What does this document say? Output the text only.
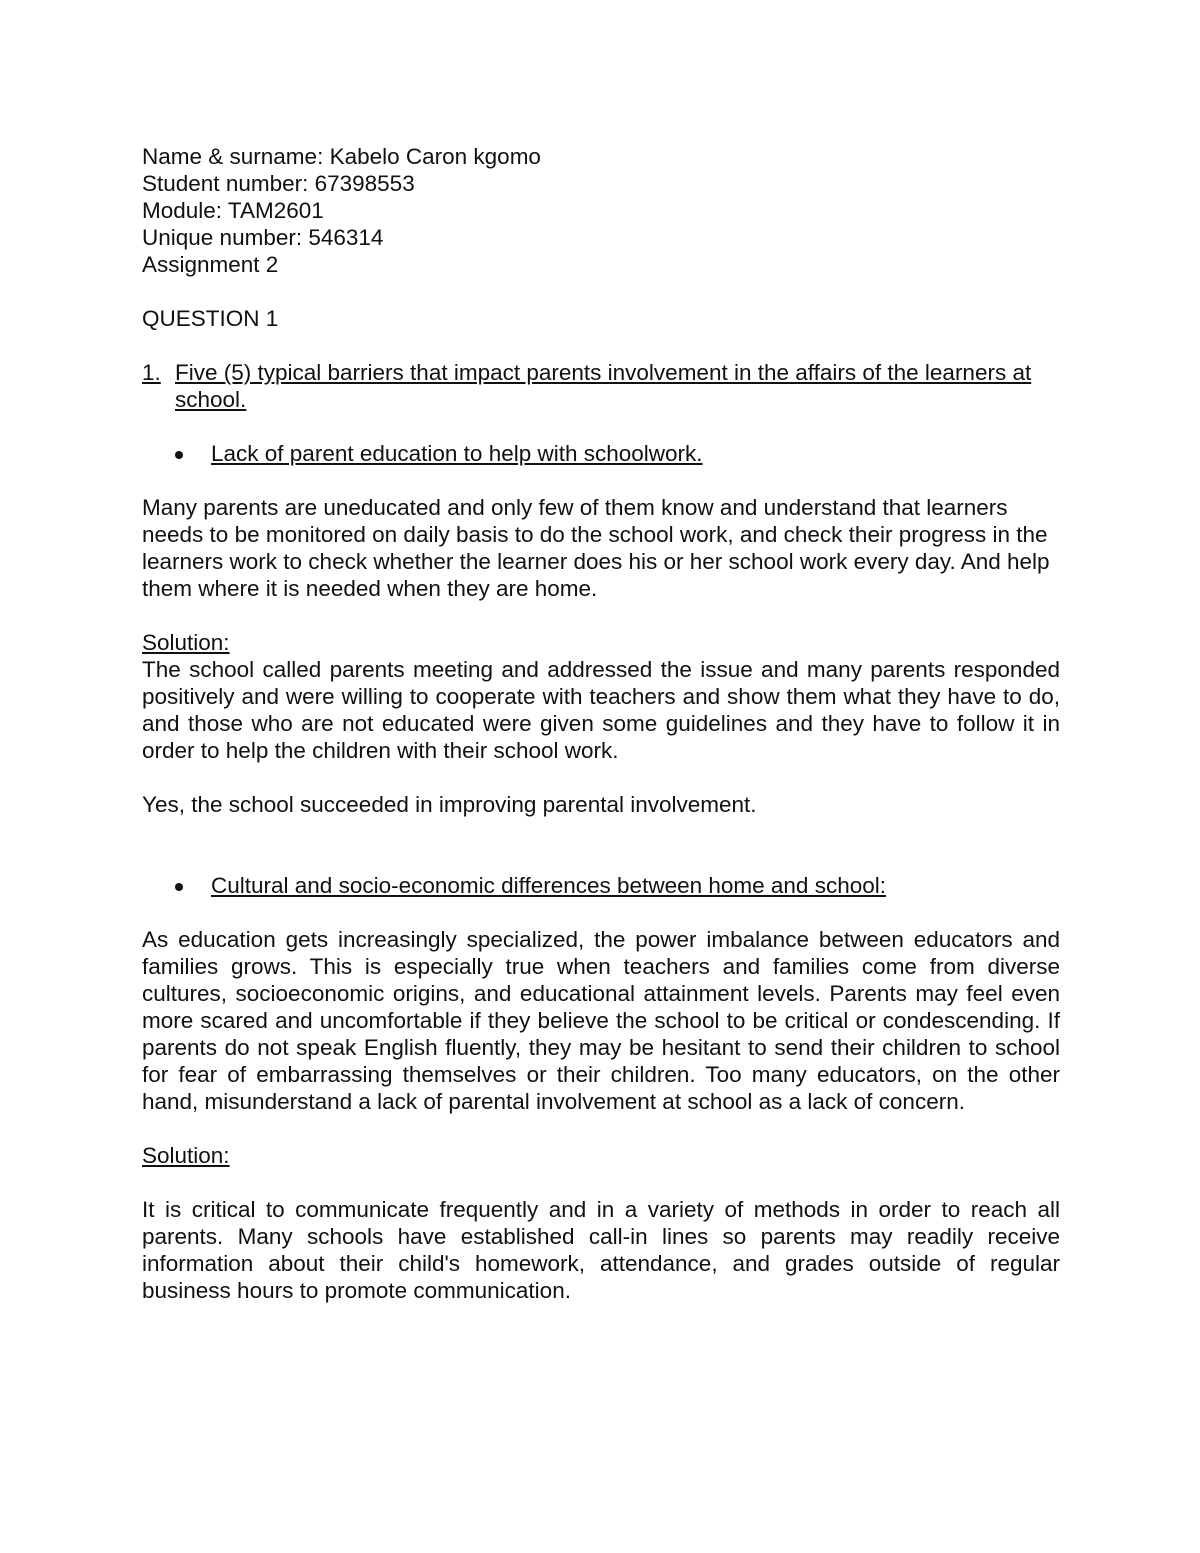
Name & surname: Kabelo Caron kgomo
Student number: 67398553
Module: TAM2601
Unique number: 546314
Assignment 2
QUESTION 1
1. Five (5) typical barriers that impact parents involvement in the affairs of the learners at school.
Lack of parent education to help with schoolwork.

Many parents are uneducated and only few of them know and understand that learners needs to be monitored on daily basis to do the school work, and check their progress in the learners work to check whether the learner does his or her school work every day. And help them where it is needed when they are home.

Solution:

The school called parents meeting and addressed the issue and many parents responded positively and were willing to cooperate with teachers and show them what they have to do, and those who are not educated were given some guidelines and they have to follow it in order to help the children with their school work.

Yes, the school succeeded in improving parental involvement.

Cultural and socio-economic differences between home and school:

As education gets increasingly specialized, the power imbalance between educators and families grows. This is especially true when teachers and families come from diverse cultures, socioeconomic origins, and educational attainment levels. Parents may feel even more scared and uncomfortable if they believe the school to be critical or condescending. If parents do not speak English fluently, they may be hesitant to send their children to school for fear of embarrassing themselves or their children. Too many educators, on the other hand, misunderstand a lack of parental involvement at school as a lack of concern.

Solution:

It is critical to communicate frequently and in a variety of methods in order to reach all parents. Many schools have established call-in lines so parents may readily receive information about their child's homework, attendance, and grades outside of regular business hours to promote communication.
